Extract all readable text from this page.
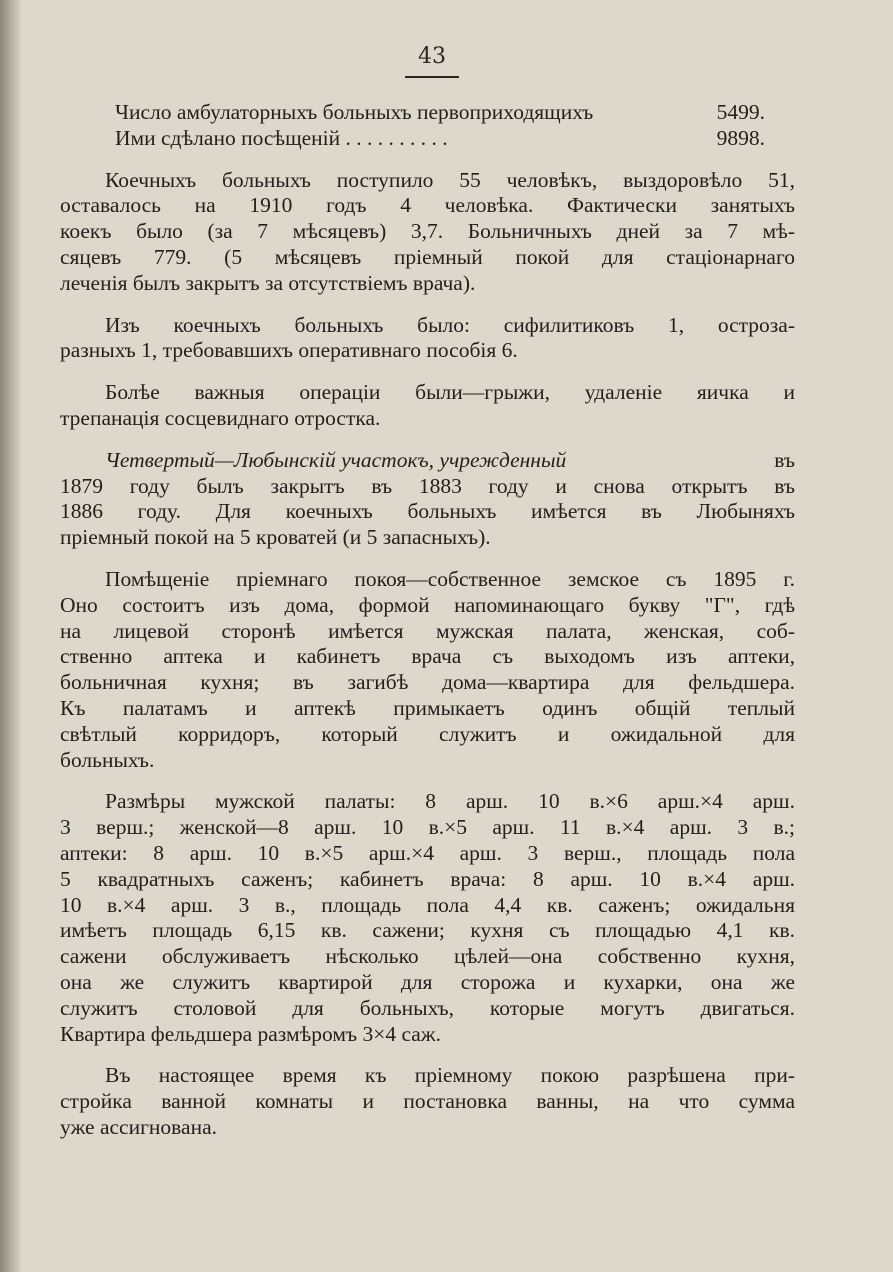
43
Число амбулаторныхъ больныхъ первоприходящихъ	5499.
Ими сдѣлано посѣщеній . . . . . . . . . .	9898.
Коечныхъ больныхъ поступило 55 человѣкъ, выздоровѣло 51,
оставалось на 1910 годъ 4 человѣка. Фактически занятыхъ
коекъ было (за 7 мѣсяцевъ) 3,7. Больничныхъ дней за 7 мѣ-
сяцевъ 779. (5 мѣсяцевъ пріемный покой для стаціонарнаго
леченія былъ закрытъ за отсутствіемъ врача).
Изъ коечныхъ больныхъ было: сифилитиковъ 1, остроза-
разныхъ 1, требовавшихъ оперативнаго пособія 6.
Болѣе важныя операціи были—грыжи, удаленіе яичка и
трепанація сосцевиднаго отростка.
Четвертый—Любынскій участокъ, учрежденный	въ
1879 году былъ закрытъ въ 1883 году и снова открытъ въ
1886 году. Для коечныхъ больныхъ имѣется въ Любыняхъ
пріемный покой на 5 кроватей (и 5 запасныхъ).
Помѣщеніе пріемнаго покоя—собственное земское съ 1895 г.
Оно состоитъ изъ дома, формой напоминающаго букву "Г", гдѣ
на лицевой сторонѣ имѣется мужская палата, женская, соб-
ственно аптека и кабинетъ врача съ выходомъ изъ аптеки,
больничная кухня; въ загибѣ дома—квартира для фельдшера.
Къ палатамъ и аптекѣ примыкаетъ одинъ общій теплый
свѣтлый корридоръ, который служитъ и ожидальной для
больныхъ.
Размѣры мужской палаты: 8 арш. 10 в.×6 арш.×4 арш.
3 верш.; женской—8 арш. 10 в.×5 арш. 11 в.×4 арш. 3 в.;
аптеки: 8 арш. 10 в.×5 арш.×4 арш. 3 верш., площадь пола
5 квадратныхъ саженъ; кабинетъ врача: 8 арш. 10 в.×4 арш.
10 в.×4 арш. 3 в., площадь пола 4,4 кв. саженъ; ожидальня
имѣетъ площадь 6,15 кв. сажени; кухня съ площадью 4,1 кв.
сажени обслуживаетъ нѣсколько цѣлей—она собственно кухня,
она же служитъ квартирой для сторожа и кухарки, она же
служитъ столовой для больныхъ, которые могутъ двигаться.
Квартира фельдшера размѣромъ 3×4 саж.
Въ настоящее время къ пріемному покою разрѣшена при-
стройка ванной комнаты и постановка ванны, на что сумма
уже ассигнована.
